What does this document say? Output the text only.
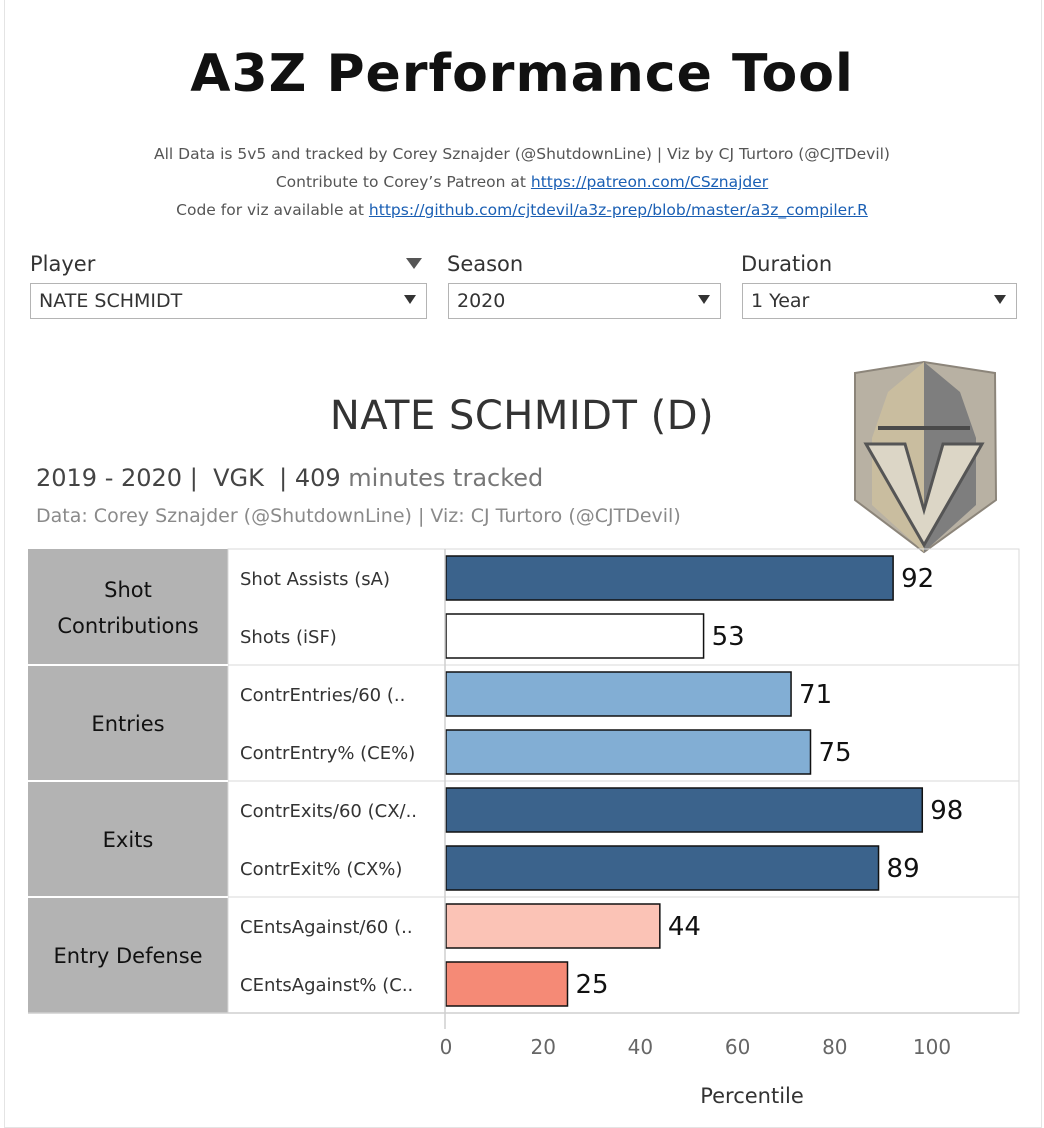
A3Z Performance Tool
All Data is 5v5 and tracked by Corey Sznajder (@ShutdownLine) | Viz by CJ Turtoro (@CJTDevil)
Contribute to Corey’s Patreon at https://patreon.com/CSznajder
Code for viz available at https://github.com/cjtdevil/a3z-prep/blob/master/a3z_compiler.R
Player
NATE SCHMIDT
Season
2020
Duration
1 Year
NATE SCHMIDT (D)
2019 - 2020 |  VGK  | 409 minutes tracked
Data: Corey Sznajder (@ShutdownLine) | Viz: CJ Turtoro (@CJTDevil)
Shot
Contributions
Entries
Exits
Entry Defense
Shot Assists (sA)	92
Shots (iSF)	53
ContrEntries/60 (..	71
ContrEntry% (CE%)	75
ContrExits/60 (CX/..	98
ContrExit% (CX%)	89
CEntsAgainst/60 (..	44
CEntsAgainst% (C..	25
0	20	40	60	80	100
Percentile
